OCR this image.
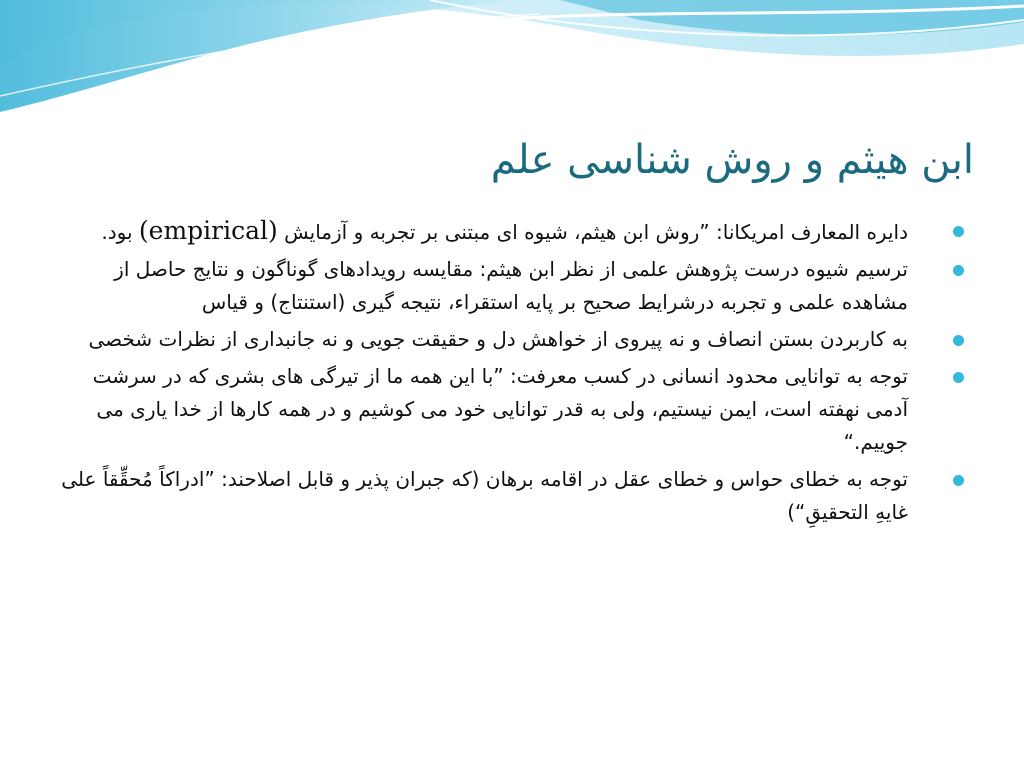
ابن هیثم و روش شناسی علم
دایره المعارف امریکانا: ”روش ابن هیثم، شیوه ای مبتنی بر تجربه و آزمایش (empirical) بود.
ترسیم شیوه درست پژوهش علمی از نظر ابن هیثم: مقایسه رویدادهای گوناگون و نتایج حاصل از مشاهده علمی و تجربه درشرایط صحیح بر پایه استقراء، نتیجه گیری (استنتاج) و قیاس
به کاربردن بستن انصاف و نه پیروی از خواهش دل و حقیقت جویی و نه جانبداری از نظرات شخصی
توجه به توانایی محدود انسانی در کسب معرفت: ”با این همه ما از تیرگی های بشری که در سرشت آدمی نهفته است، ایمن نیستیم، ولی به قدر توانایی خود می کوشیم و در همه کارها از خدا یاری می جوییم.“
توجه به خطای حواس و خطای عقل در اقامه برهان (که جبران پذیر و قابل اصلاحند: ”ادراکاً مُحقِّقاً علی غایهِ التحقیقِ“)
